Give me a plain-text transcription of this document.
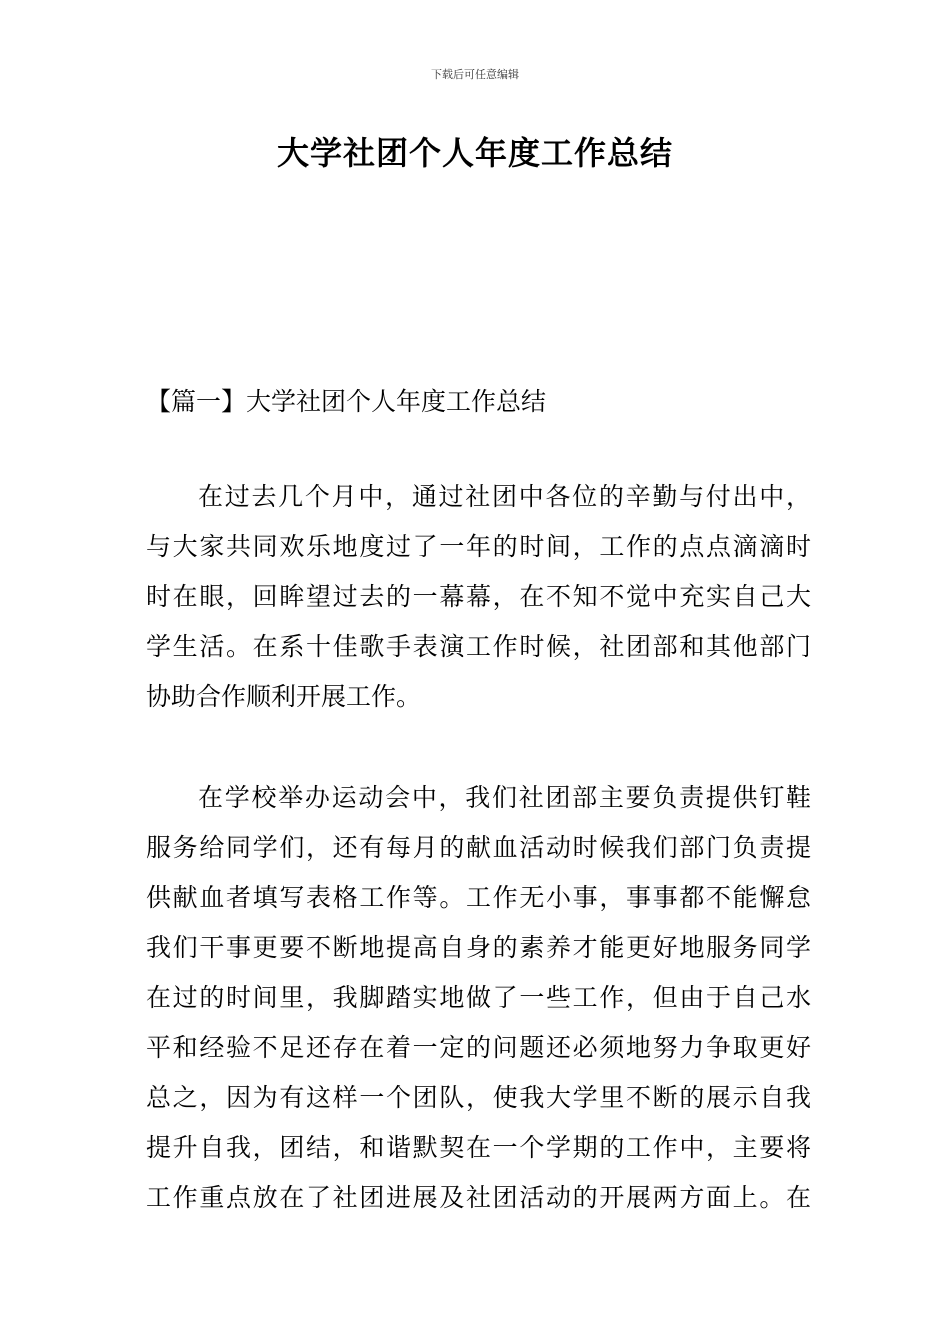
下载后可任意编辑
大学社团个人年度工作总结
【篇一】大学社团个人年度工作总结
在过去几个月中，通过社团中各位的辛勤与付出中，
与大家共同欢乐地度过了一年的时间，工作的点点滴滴时
时在眼，回眸望过去的一幕幕，在不知不觉中充实自己大
学生活。在系十佳歌手表演工作时候，社团部和其他部门
协助合作顺利开展工作。
在学校举办运动会中，我们社团部主要负责提供钉鞋
服务给同学们，还有每月的献血活动时候我们部门负责提
供献血者填写表格工作等。工作无小事，事事都不能懈怠
我们干事更要不断地提高自身的素养才能更好地服务同学
在过的时间里，我脚踏实地做了一些工作，但由于自己水
平和经验不足还存在着一定的问题还必须地努力争取更好
总之，因为有这样一个团队，使我大学里不断的展示自我
提升自我，团结，和谐默契在一个学期的工作中，主要将
工作重点放在了社团进展及社团活动的开展两方面上。在
